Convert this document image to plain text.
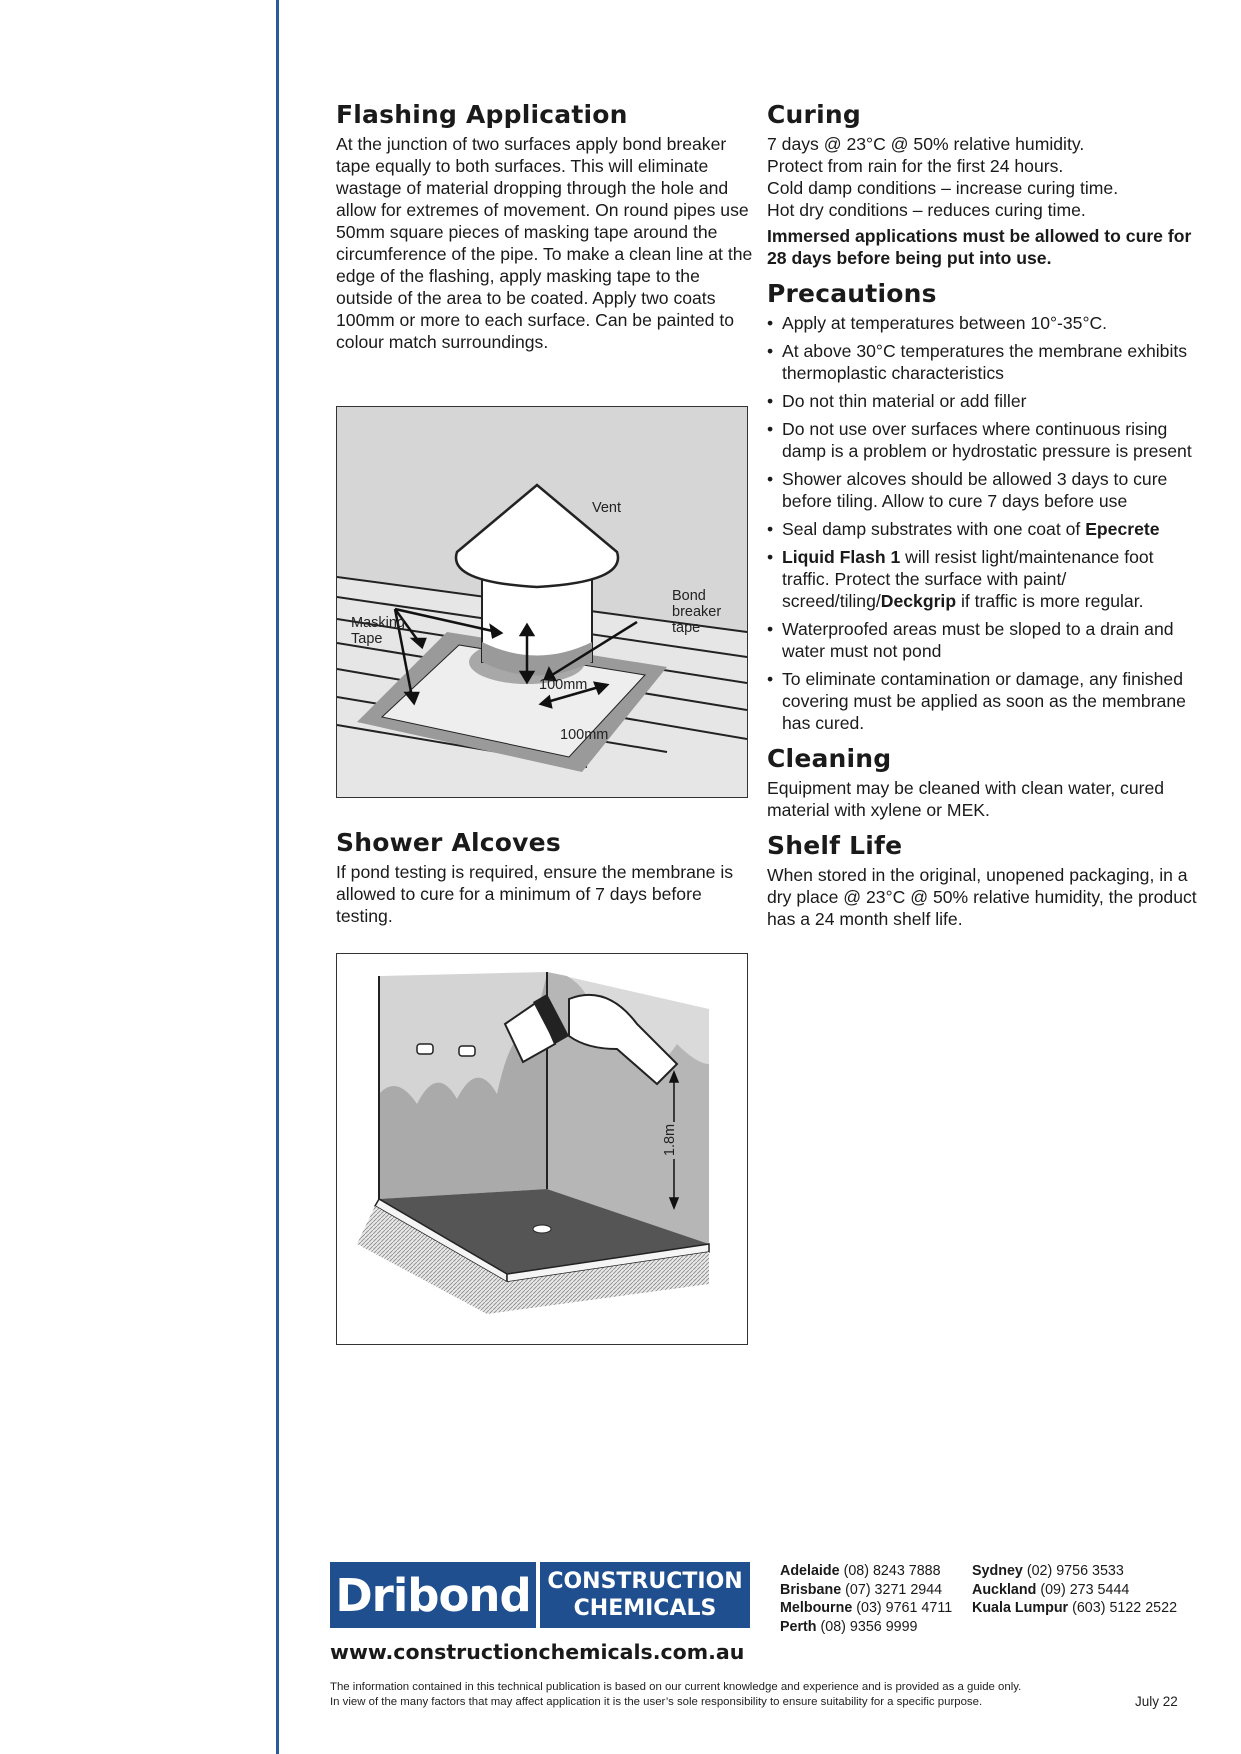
Flashing Application

At the junction of two surfaces apply bond breaker tape equally to both surfaces. This will eliminate wastage of material dropping through the hole and allow for extremes of movement. On round pipes use 50mm square pieces of masking tape around the circumference of the pipe. To make a clean line at the edge of the flashing, apply masking tape to the outside of the area to be coated. Apply two coats 100mm or more to each surface. Can be painted to colour match surroundings.

Vent
Bond
breaker
tape
Masking
Tape
100mm
100mm
Shower Alcoves

If pond testing is required, ensure the membrane is allowed to cure for a minimum of 7 days before testing.

1.8m
Curing

7 days @ 23°C @ 50% relative humidity.

Protect from rain for the first 24 hours.

Cold damp conditions – increase curing time.

Hot dry conditions – reduces curing time.

Immersed applications must be allowed to cure for 28 days before being put into use.

Precautions
• Apply at temperatures between 10°-35°C.
• At above 30°C temperatures the membrane exhibits thermoplastic characteristics
• Do not thin material or add filler
• Do not use over surfaces where continuous rising damp is a problem or hydrostatic pressure is present
• Shower alcoves should be allowed 3 days to cure before tiling. Allow to cure 7 days before use
• Seal damp substrates with one coat of Epecrete
• Liquid Flash 1 will resist light/maintenance foot traffic. Protect the surface with paint/ screed/tiling/Deckgrip if traffic is more regular.
• Waterproofed areas must be sloped to a drain and water must not pond
• To eliminate contamination or damage, any finished covering must be applied as soon as the membrane has cured.
Cleaning

Equipment may be cleaned with clean water, cured material with xylene or MEK.

Shelf Life

When stored in the original, unopened packaging, in a dry place @ 23°C @ 50% relative humidity, the product has a 24 month shelf life.

Dribond CONSTRUCTION
CHEMICALS
www.constructionchemicals.com.au
Adelaide (08) 8243 7888
Brisbane (07) 3271 2944
Melbourne (03) 9761 4711
Perth (08) 9356 9999
Sydney (02) 9756 3533
Auckland (09) 273 5444
Kuala Lumpur (603) 5122 2522
The information contained in this technical publication is based on our current knowledge and experience and is provided as a guide only.
In view of the many factors that may affect application it is the user’s sole responsibility to ensure suitability for a specific purpose.	July 22
